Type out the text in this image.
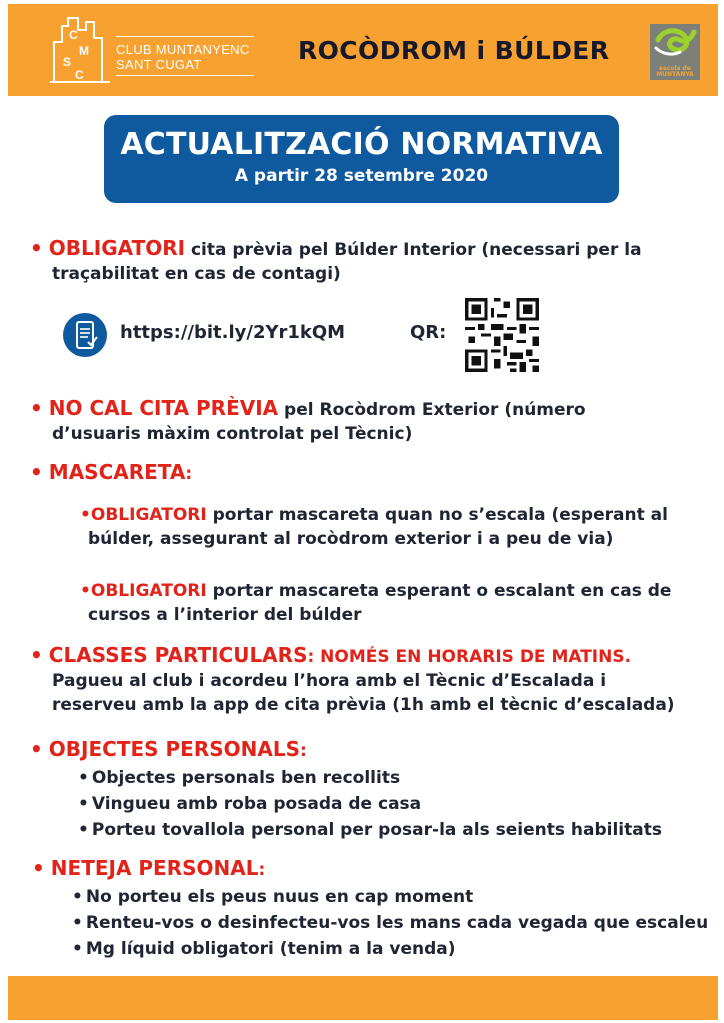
C
M
S
C
CLUB MUNTANYENC
SANT CUGAT	ROCÒDROM i BÚLDER
escola de MUNTANYA
ACTUALITZACIÓ NORMATIVA
A partir 28 setembre 2020
• OBLIGATORI cita prèvia pel Búlder Interior (necessari per la
traçabilitat en cas de contagi)
https://bit.ly/2Yr1kQM	QR:
• NO CAL CITA PRÈVIA pel Rocòdrom Exterior (número
d’usuaris màxim controlat pel Tècnic)
• MASCARETA:
•OBLIGATORI portar mascareta quan no s’escala (esperant al
búlder, assegurant al rocòdrom exterior i a peu de via)
•OBLIGATORI portar mascareta esperant o escalant en cas de
cursos a l’interior del búlder
• CLASSES PARTICULARS: NOMÉS EN HORARIS DE MATINS.
Pagueu al club i acordeu l’hora amb el Tècnic d’Escalada i
reserveu amb la app de cita prèvia (1h amb el tècnic d’escalada)
• OBJECTES PERSONALS:
• Objectes personals ben recollits
• Vingueu amb roba posada de casa
• Porteu tovallola personal per posar-la als seients habilitats
• NETEJA PERSONAL:
• No porteu els peus nuus en cap moment
• Renteu-vos o desinfecteu-vos les mans cada vegada que escaleu
• Mg líquid obligatori (tenim a la venda)
